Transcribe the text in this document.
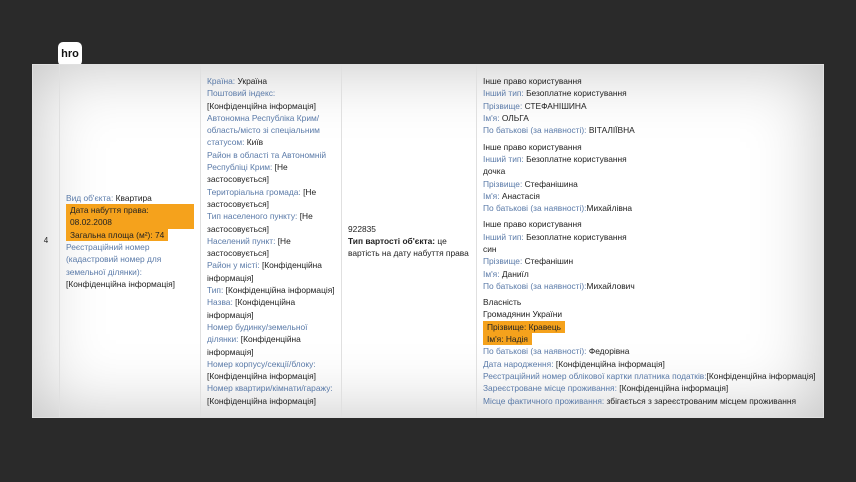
hro
4	
Вид об'єкта: Квартира
Дата набуття права: 08.02.2008
Загальна площа (м²): 74
Реєстраційний номер (кадастровий номер для земельної ділянки): [Конфіденційна інформація]

Країна: Україна
Поштовий індекс: [Конфіденційна інформація]
Автономна Республіка Крим/область/місто зі спеціальним статусом: Київ
Район в області та Автономній Республіці Крим: [Не застосовується]
Територіальна громада: [Не застосовується]
Тип населеного пункту: [Не застосовується]
Населений пункт: [Не застосовується]
Район у місті: [Конфіденційна інформація]
Тип: [Конфіденційна інформація]
Назва: [Конфіденційна інформація]
Номер будинку/земельної ділянки: [Конфіденційна інформація]
Номер корпусу/секції/блоку: [Конфіденційна інформація]
Номер квартири/кімнати/гаражу: [Конфіденційна інформація]

922835
Тип вартості об'єкта: це вартість на дату набуття права

Інше право користування
Інший тип: Безоплатне користування
Прізвище: СТЕФАНІШИНА
Ім'я: ОЛЬГА
По батькові (за наявності): ВІТАЛІЇВНА
Інше право користування
Інший тип: Безоплатне користування
дочка
Прізвище: Стефанішина
Ім'я: Анастасія
По батькові (за наявності):Михайлівна
Інше право користування
Інший тип: Безоплатне користування
син
Прізвище: Стефанішин
Ім'я: Даниїл
По батькові (за наявності):Михайлович
Власність
Громадянин України
Прізвище: Кравець
Ім'я: Надія
По батькові (за наявності): Федорівна
Дата народження: [Конфіденційна інформація]
Реєстраційний номер облікової картки платника податків:[Конфіденційна інформація]
Зареєстроване місце проживання: [Конфіденційна інформація]
Місце фактичного проживання: збігається з зареєстрованим місцем проживання
